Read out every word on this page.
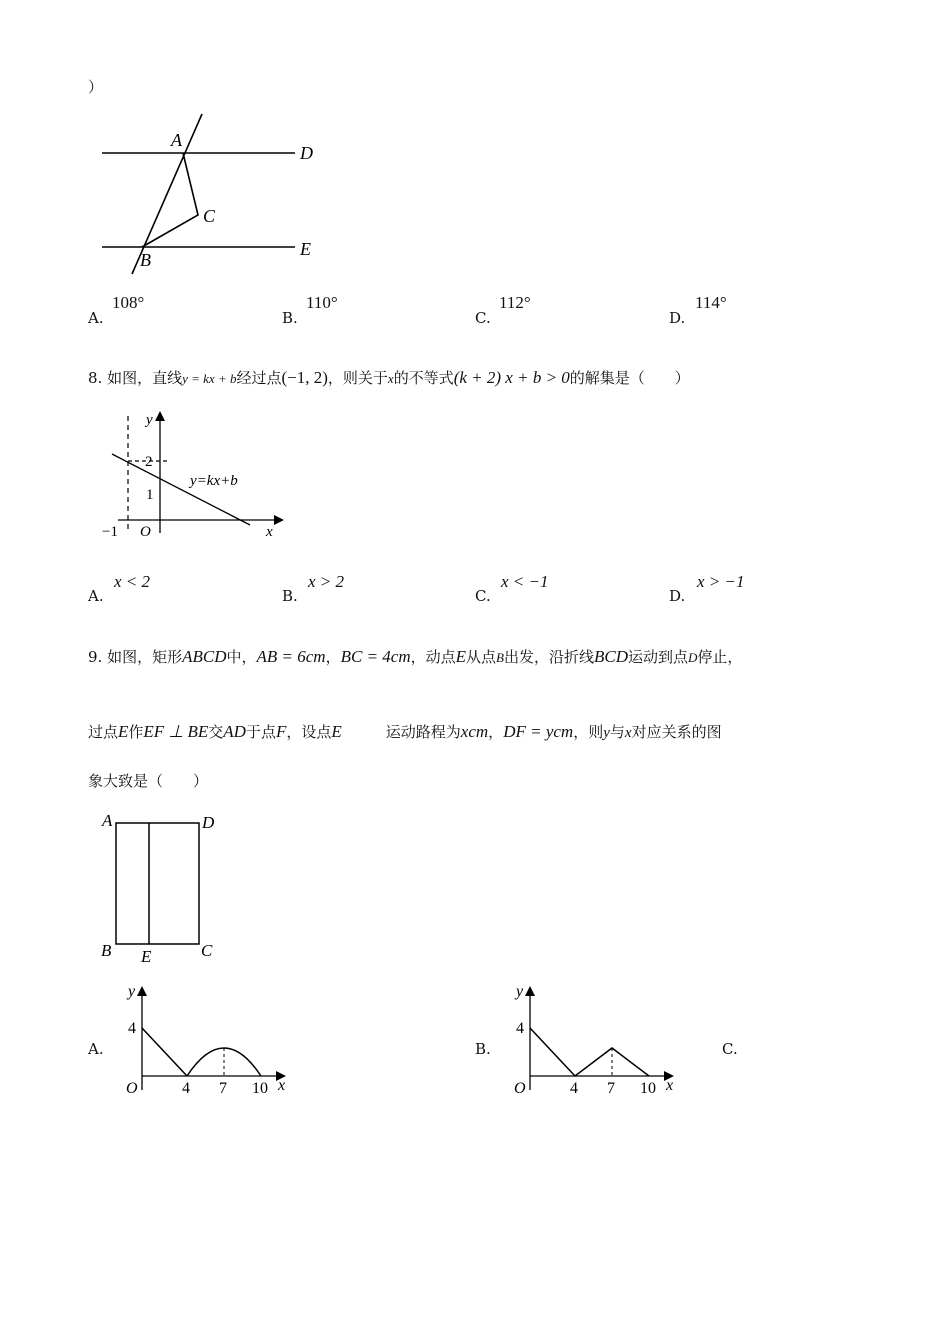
）
A
D
C
B
E
A.
108°
B.
110°
C.
112°
D.
114°
8. 如图，直线y = kx + b经过点(−1, 2)，则关于x的不等式(k + 2) x + b > 0的解集是（　　）
y
x
O
2
1
−1
y=kx+b
A.
x < 2
B.
x > 2
C.
x < −1
D.
x > −1
9. 如图，矩形ABCD中，AB = 6cm，BC = 4cm，动点E从点B出发，沿折线BCD运动到点D停止，
过点E作EF ⊥ BE交AD于点F，设点E	运动路程为xcm，DF = ycm，则y与x对应关系的图
象大致是（　　）
A	D
B E	C
A.
y
x
O
4
4 7 10
B.
y
x
O
4
4 7 10
C.
